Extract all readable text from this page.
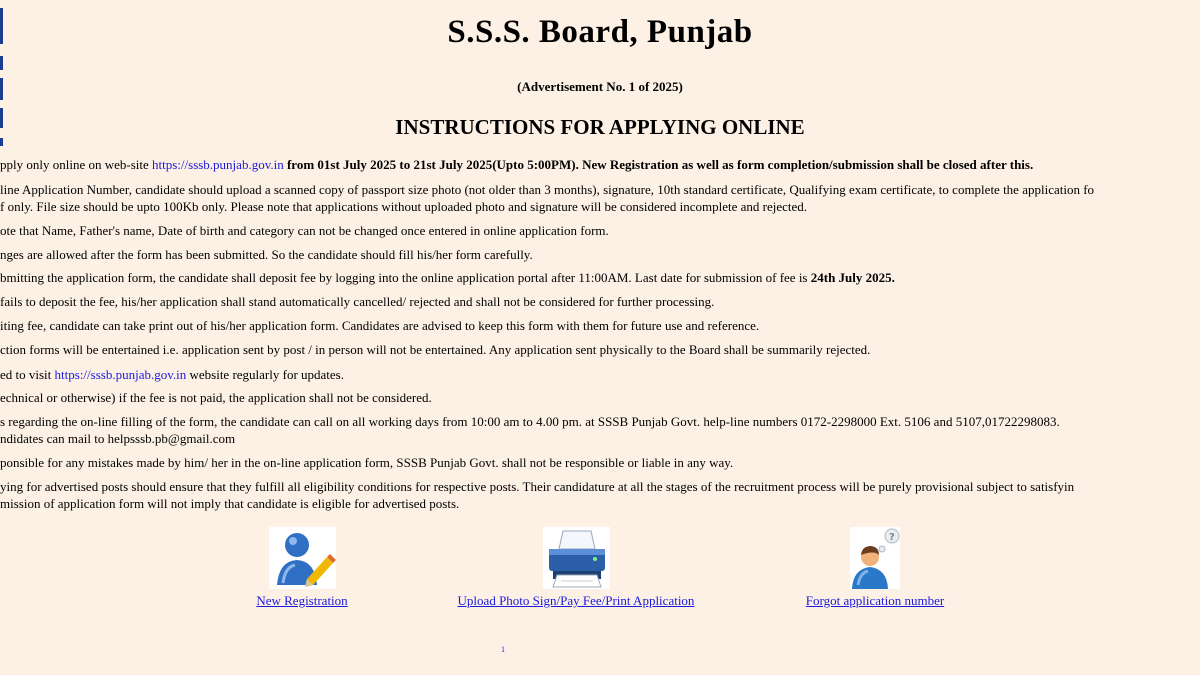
S.S.S. Board, Punjab
(Advertisement No. 1 of 2025)
INSTRUCTIONS FOR APPLYING ONLINE
pply only online on web-site https://sssb.punjab.gov.in from 01st July 2025 to 21st July 2025(Upto 5:00PM). New Registration as well as form completion/submission shall be closed after this.
line Application Number, candidate should upload a scanned copy of passport size photo (not older than 3 months), signature, 10th standard certificate, Qualifying exam certificate, to complete the application fo
f only. File size should be upto 100Kb only. Please note that applications without uploaded photo and signature will be considered incomplete and rejected.
ote that Name, Father's name, Date of birth and category can not be changed once entered in online application form.
nges are allowed after the form has been submitted. So the candidate should fill his/her form carefully.
bmitting the application form, the candidate shall deposit fee by logging into the online application portal after 11:00AM. Last date for submission of fee is 24th July 2025.
fails to deposit the fee, his/her application shall stand automatically cancelled/ rejected and shall not be considered for further processing.
iting fee, candidate can take print out of his/her application form. Candidates are advised to keep this form with them for future use and reference.
ction forms will be entertained i.e. application sent by post / in person will not be entertained. Any application sent physically to the Board shall be summarily rejected.
ed to visit https://sssb.punjab.gov.in website regularly for updates.
echnical or otherwise) if the fee is not paid, the application shall not be considered.
s regarding the on-line filling of the form, the candidate can call on all working days from 10:00 am to 4.00 pm. at SSSB Punjab Govt. help-line numbers 0172-2298000 Ext. 5106 and 5107,01722298083.
ndidates can mail to helpsssb.pb@gmail.com
ponsible for any mistakes made by him/ her in the on-line application form, SSSB Punjab Govt. shall not be responsible or liable in any way.
ying for advertised posts should ensure that they fulfill all eligibility conditions for respective posts. Their candidature at all the stages of the recruitment process will be purely provisional subject to satisfyin
mission of application form will not imply that candidate is eligible for advertised posts.
New Registration	Upload Photo Sign/Pay Fee/Print Application
?
Forgot application number
1
